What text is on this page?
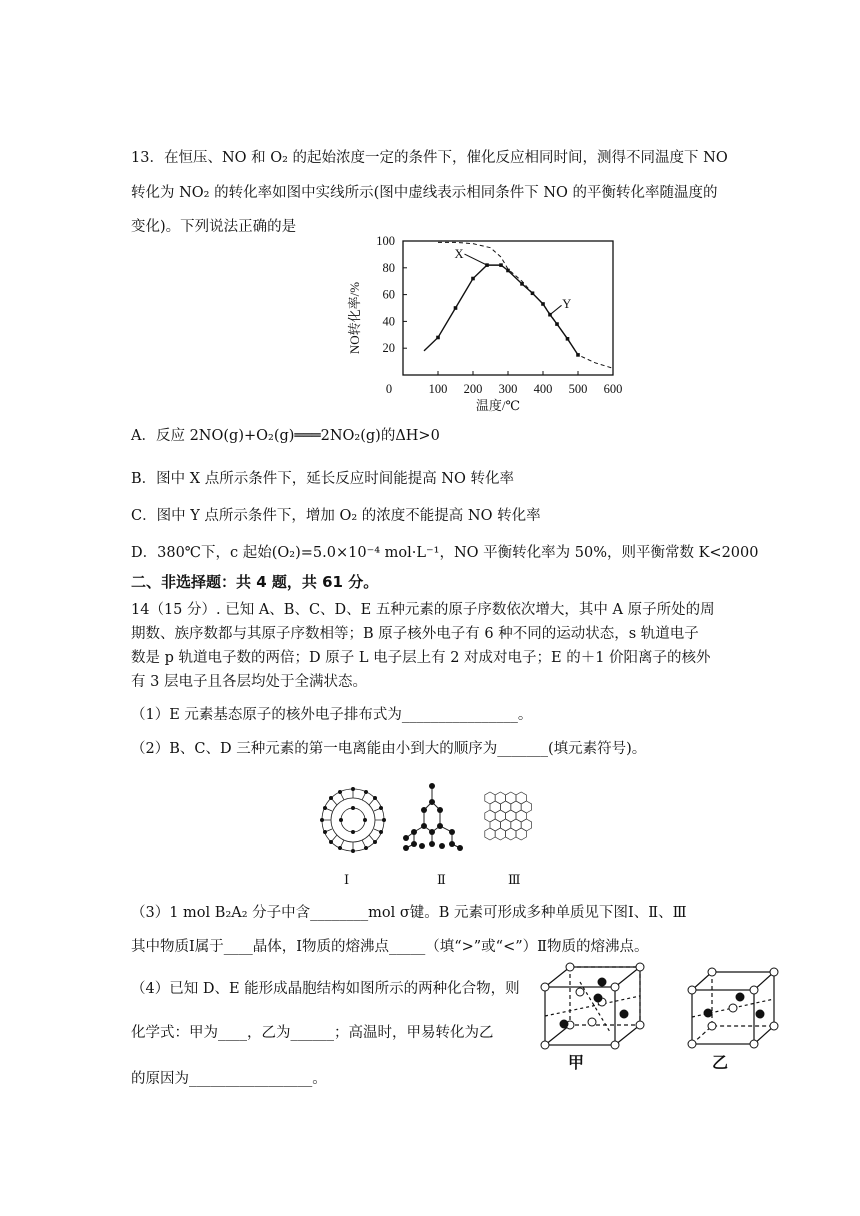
13．在恒压、NO 和 O₂ 的起始浓度一定的条件下，催化反应相同时间，测得不同温度下 NO
转化为 NO₂ 的转化率如图中实线所示(图中虚线表示相同条件下 NO 的平衡转化率随温度的
变化)。下列说法正确的是
0	100 200 300 400 500 600
20
40
60
80
100
温度/℃
NO转化率/%
X
Y
A．反应 2NO(g)+O₂(g)═══2NO₂(g)的ΔH>0
B．图中 X 点所示条件下，延长反应时间能提高 NO 转化率
C．图中 Y 点所示条件下，增加 O₂ 的浓度不能提高 NO 转化率
D．380℃下，c 起始(O₂)=5.0×10⁻⁴ mol·L⁻¹，NO 平衡转化率为 50%，则平衡常数 K<2000
二、非选择题：共 4 题，共 61 分。
14（15 分）. 已知 A、B、C、D、E 五种元素的原子序数依次增大，其中 A 原子所处的周
期数、族序数都与其原子序数相等；B 原子核外电子有 6 种不同的运动状态，s 轨道电子
数是 p 轨道电子数的两倍；D 原子 L 电子层上有 2 对成对电子；E 的＋1 价阳离子的核外
有 3 层电子且各层均处于全满状态。
（1）E 元素基态原子的核外电子排布式为________________。
（2）B、C、D 三种元素的第一电离能由小到大的顺序为_______(填元素符号)。
Ⅰ	Ⅱ	Ⅲ
（3）1 mol B₂A₂ 分子中含________mol σ键。B 元素可形成多种单质见下图Ⅰ、Ⅱ、Ⅲ
其中物质Ⅰ属于____晶体，Ⅰ物质的熔沸点_____（填“>”或“<”）Ⅱ物质的熔沸点。
（4）已知 D、E 能形成晶胞结构如图所示的两种化合物，则
化学式：甲为____，乙为______；高温时，甲易转化为乙
的原因为_________________。
甲	乙
